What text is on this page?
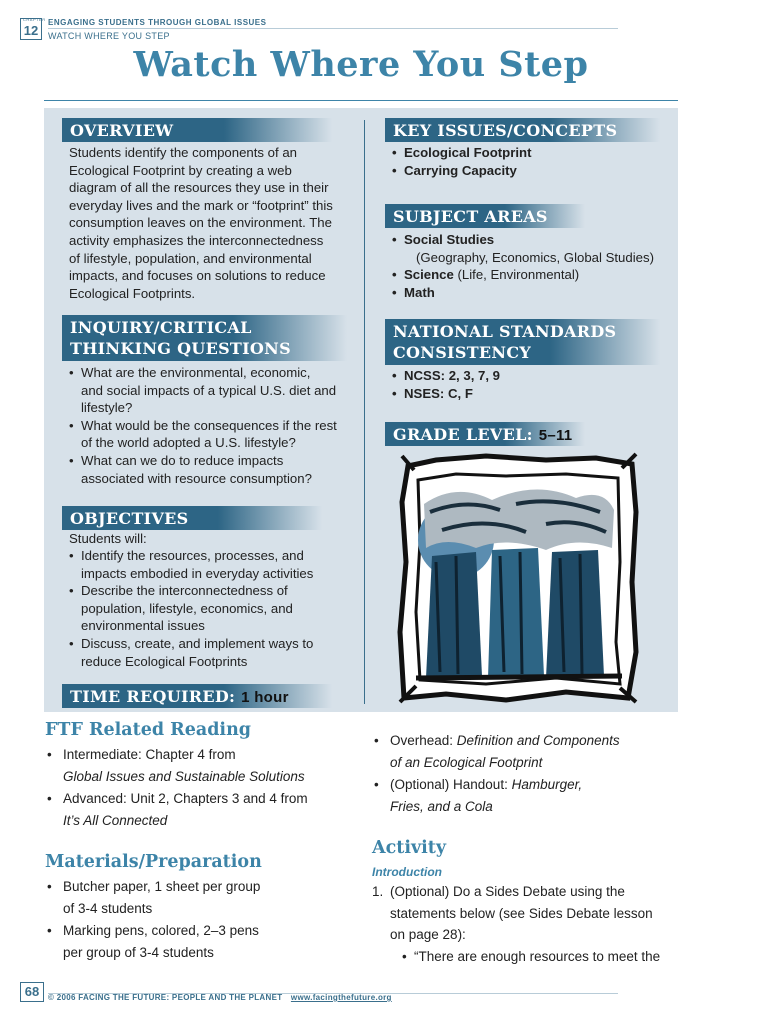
CHAPTER
12
ENGAGING STUDENTS THROUGH GLOBAL ISSUES
WATCH WHERE YOU STEP
Watch Where You Step
OVERVIEW
Students identify the components of an
Ecological Footprint by creating a web
diagram of all the resources they use in their
everyday lives and the mark or “footprint” this
consumption leaves on the environment. The
activity emphasizes the interconnectedness
of lifestyle, population, and environmental
impacts, and focuses on solutions to reduce
Ecological Footprints.
INQUIRY/CRITICAL
THINKING QUESTIONS
• What are the environmental, economic,
and social impacts of a typical U.S. diet and
lifestyle?
• What would be the consequences if the rest
of the world adopted a U.S. lifestyle?
• What can we do to reduce impacts
associated with resource consumption?
OBJECTIVES
Students will:
• Identify the resources, processes, and
impacts embodied in everyday activities
• Describe the interconnectedness of
population, lifestyle, economics, and
environmental issues
• Discuss, create, and implement ways to
reduce Ecological Footprints
TIME REQUIRED: 1 hour
KEY ISSUES/CONCEPTS
• Ecological Footprint
• Carrying Capacity
SUBJECT AREAS
• Social Studies
(Geography, Economics, Global Studies)
• Science (Life, Environmental)
• Math
NATIONAL STANDARDS
CONSISTENCY
• NCSS: 2, 3, 7, 9
• NSES: C, F
GRADE LEVEL: 5–11
FTF Related Reading
• Intermediate: Chapter 4 from
Global Issues and Sustainable Solutions
• Advanced: Unit 2, Chapters 3 and 4 from
It’s All Connected
Materials/Preparation
• Butcher paper, 1 sheet per group
of 3-4 students
• Marking pens, colored, 2–3 pens
per group of 3-4 students
• Overhead: Definition and Components
of an Ecological Footprint
• (Optional) Handout: Hamburger,
Fries, and a Cola
Activity
Introduction
1. (Optional) Do a Sides Debate using the
statements below (see Sides Debate lesson
on page 28):
• “There are enough resources to meet the
68	© 2006 FACING THE FUTURE: PEOPLE AND THE PLANET www.facingthefuture.org
